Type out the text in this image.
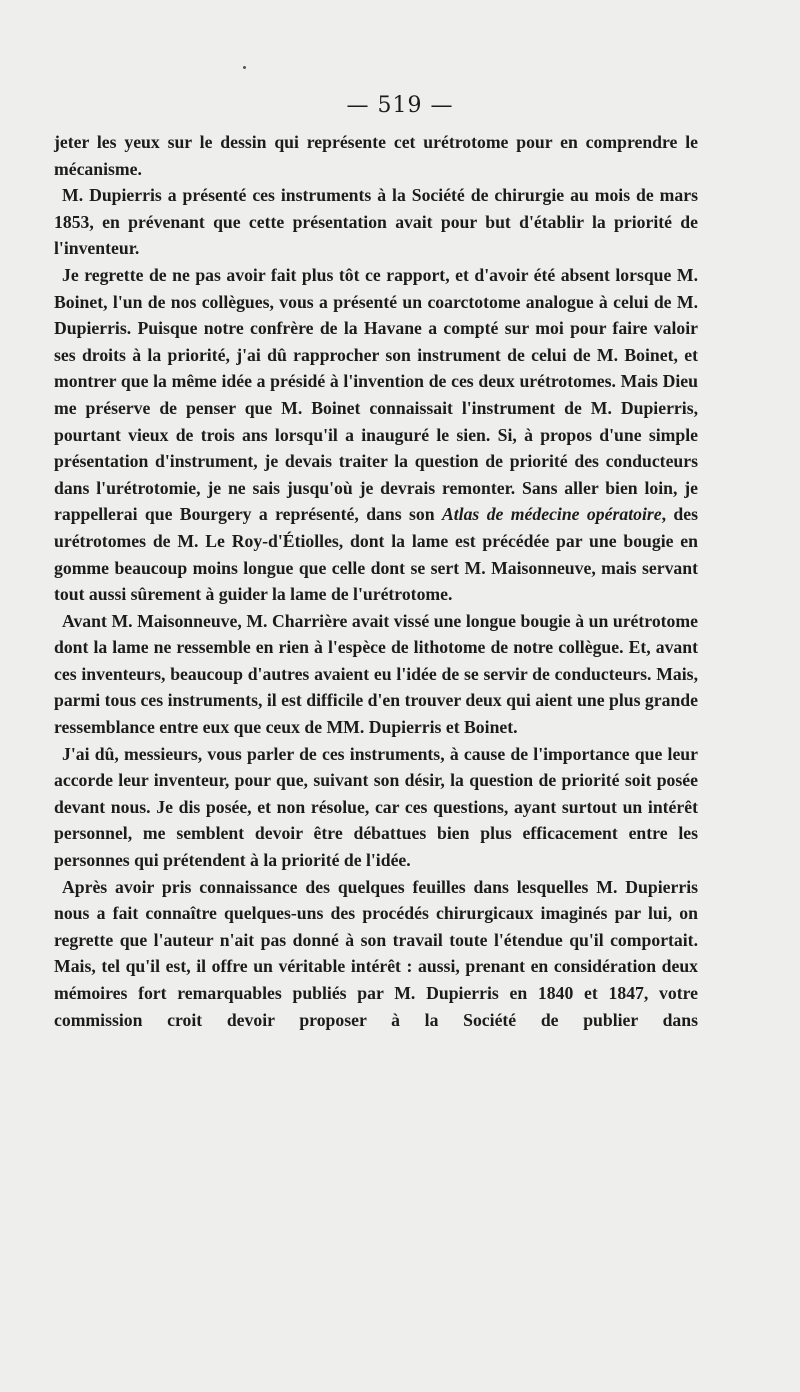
— 519 —

jeter les yeux sur le dessin qui représente cet urétrotome pour en comprendre le mécanisme.

M. Dupierris a présenté ces instruments à la Société de chirurgie au mois de mars 1853, en prévenant que cette présentation avait pour but d'établir la priorité de l'inventeur.

Je regrette de ne pas avoir fait plus tôt ce rapport, et d'avoir été absent lorsque M. Boinet, l'un de nos collègues, vous a présenté un coarctotome analogue à celui de M. Dupierris. Puisque notre confrère de la Havane a compté sur moi pour faire valoir ses droits à la priorité, j'ai dû rapprocher son instrument de celui de M. Boinet, et montrer que la même idée a présidé à l'invention de ces deux urétrotomes. Mais Dieu me préserve de penser que M. Boinet connaissait l'instrument de M. Dupierris, pourtant vieux de trois ans lorsqu'il a inauguré le sien. Si, à propos d'une simple présentation d'instrument, je devais traiter la question de priorité des conducteurs dans l'urétrotomie, je ne sais jusqu'où je devrais remonter. Sans aller bien loin, je rappellerai que Bourgery a représenté, dans son Atlas de médecine opératoire, des urétrotomes de M. Le Roy-d'Étiolles, dont la lame est précédée par une bougie en gomme beaucoup moins longue que celle dont se sert M. Maisonneuve, mais servant tout aussi sûrement à guider la lame de l'urétrotome.

Avant M. Maisonneuve, M. Charrière avait vissé une longue bougie à un urétrotome dont la lame ne ressemble en rien à l'espèce de lithotome de notre collègue. Et, avant ces inventeurs, beaucoup d'autres avaient eu l'idée de se servir de conducteurs. Mais, parmi tous ces instruments, il est difficile d'en trouver deux qui aient une plus grande ressemblance entre eux que ceux de MM. Dupierris et Boinet.

J'ai dû, messieurs, vous parler de ces instruments, à cause de l'importance que leur accorde leur inventeur, pour que, suivant son désir, la question de priorité soit posée devant nous. Je dis posée, et non résolue, car ces questions, ayant surtout un intérêt personnel, me semblent devoir être débattues bien plus efficacement entre les personnes qui prétendent à la priorité de l'idée.

Après avoir pris connaissance des quelques feuilles dans lesquelles M. Dupierris nous a fait connaître quelques-uns des procédés chirurgicaux imaginés par lui, on regrette que l'auteur n'ait pas donné à son travail toute l'étendue qu'il comportait. Mais, tel qu'il est, il offre un véritable intérêt : aussi, prenant en considération deux mémoires fort remarquables publiés par M. Dupierris en 1840 et 1847, votre commission croit devoir proposer à la Société de publier dans
